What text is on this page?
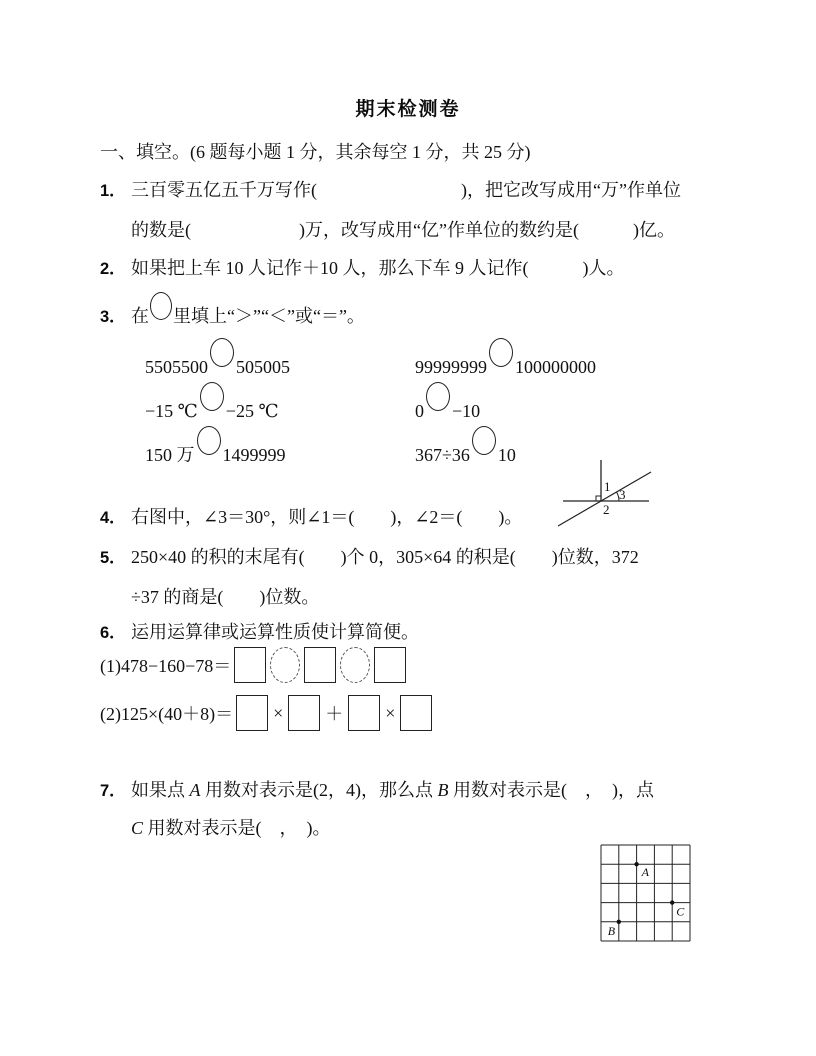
期末检测卷
一、填空。(6 题每小题 1 分，其余每空 1 分，共 25 分)
1． 三百零五亿五千万写作(　　　　　　　　)，把它改写成用“万”作单位
的数是(　　　　　　)万，改写成用“亿”作单位的数约是(　　　)亿。
2． 如果把上车 10 人记作＋10 人，那么下车 9 人记作(　　　)人。
3． 在 里填上“＞”“＜”或“＝”。
5505500 505005	99999999 100000000
−15 ℃ −25 ℃	0 −10
150 万 1499999	367÷36 10
1
3
2
4． 右图中，∠3＝30°，则∠1＝(　　)，∠2＝(　　)。
5． 250×40 的积的末尾有(　　)个 0，305×64 的积是(　　)位数，372
÷37 的商是(　　)位数。
6． 运用运算律或运算性质使计算简便。
(1)478−160−78＝
(2)125×(40＋8)＝ × ＋ ×
7． 如果点 A 用数对表示是(2，4)，那么点 B 用数对表示是(　，　)，点
C 用数对表示是(　，　)。
A
B
C
